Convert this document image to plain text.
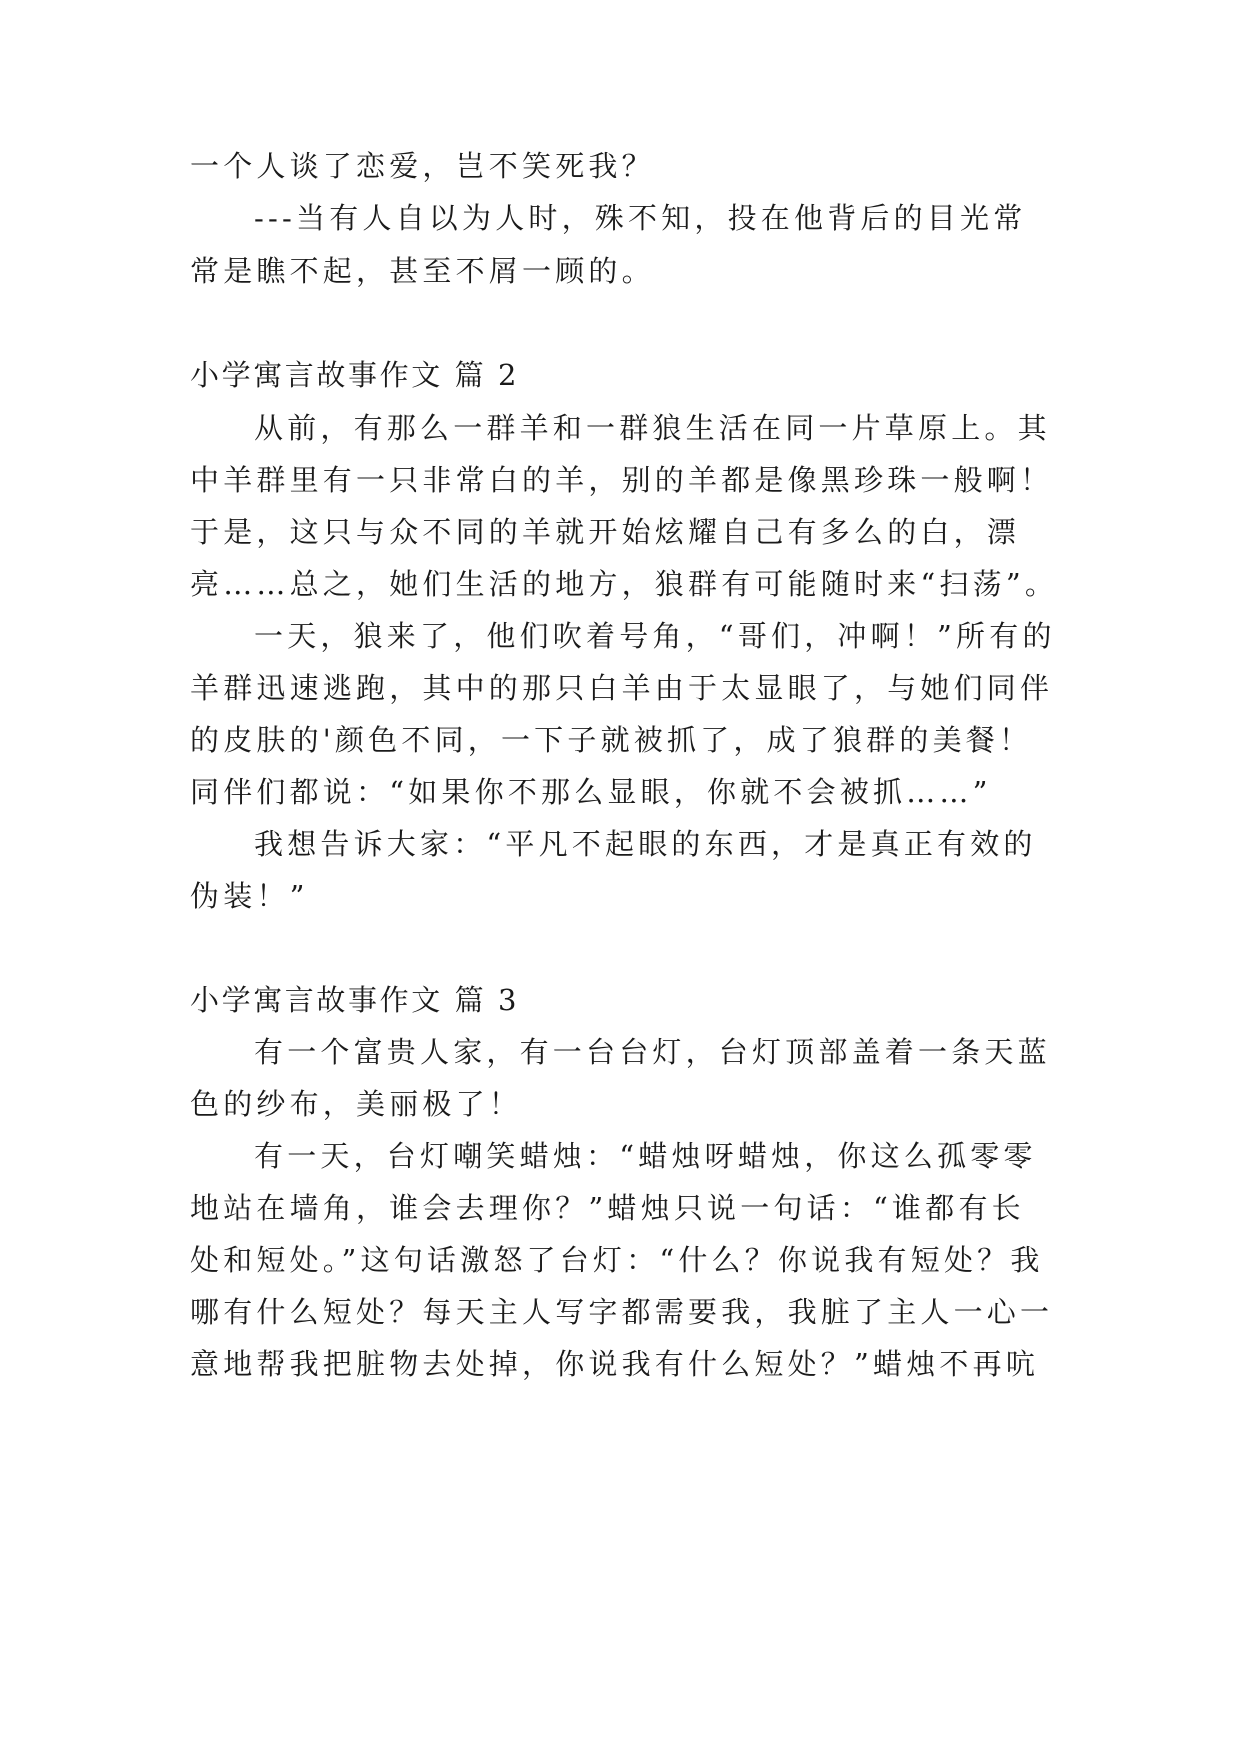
一个人谈了恋爱，岂不笑死我？
---当有人自以为人时，殊不知，投在他背后的目光常
常是瞧不起，甚至不屑一顾的。
小学寓言故事作文 篇 2
从前，有那么一群羊和一群狼生活在同一片草原上。其
中羊群里有一只非常白的羊，别的羊都是像黑珍珠一般啊！
于是，这只与众不同的羊就开始炫耀自己有多么的白，漂
亮……总之，她们生活的地方，狼群有可能随时来“扫荡”。
一天，狼来了，他们吹着号角，“哥们，冲啊！”所有的
羊群迅速逃跑，其中的那只白羊由于太显眼了，与她们同伴
的皮肤的'颜色不同，一下子就被抓了，成了狼群的美餐！
同伴们都说：“如果你不那么显眼，你就不会被抓……”
我想告诉大家：“平凡不起眼的东西，才是真正有效的
伪装！”
小学寓言故事作文 篇 3
有一个富贵人家，有一台台灯，台灯顶部盖着一条天蓝
色的纱布，美丽极了！
有一天，台灯嘲笑蜡烛：“蜡烛呀蜡烛，你这么孤零零
地站在墙角，谁会去理你？”蜡烛只说一句话：“谁都有长
处和短处。”这句话激怒了台灯：“什么？你说我有短处？我
哪有什么短处？每天主人写字都需要我，我脏了主人一心一
意地帮我把脏物去处掉，你说我有什么短处？”蜡烛不再吭
